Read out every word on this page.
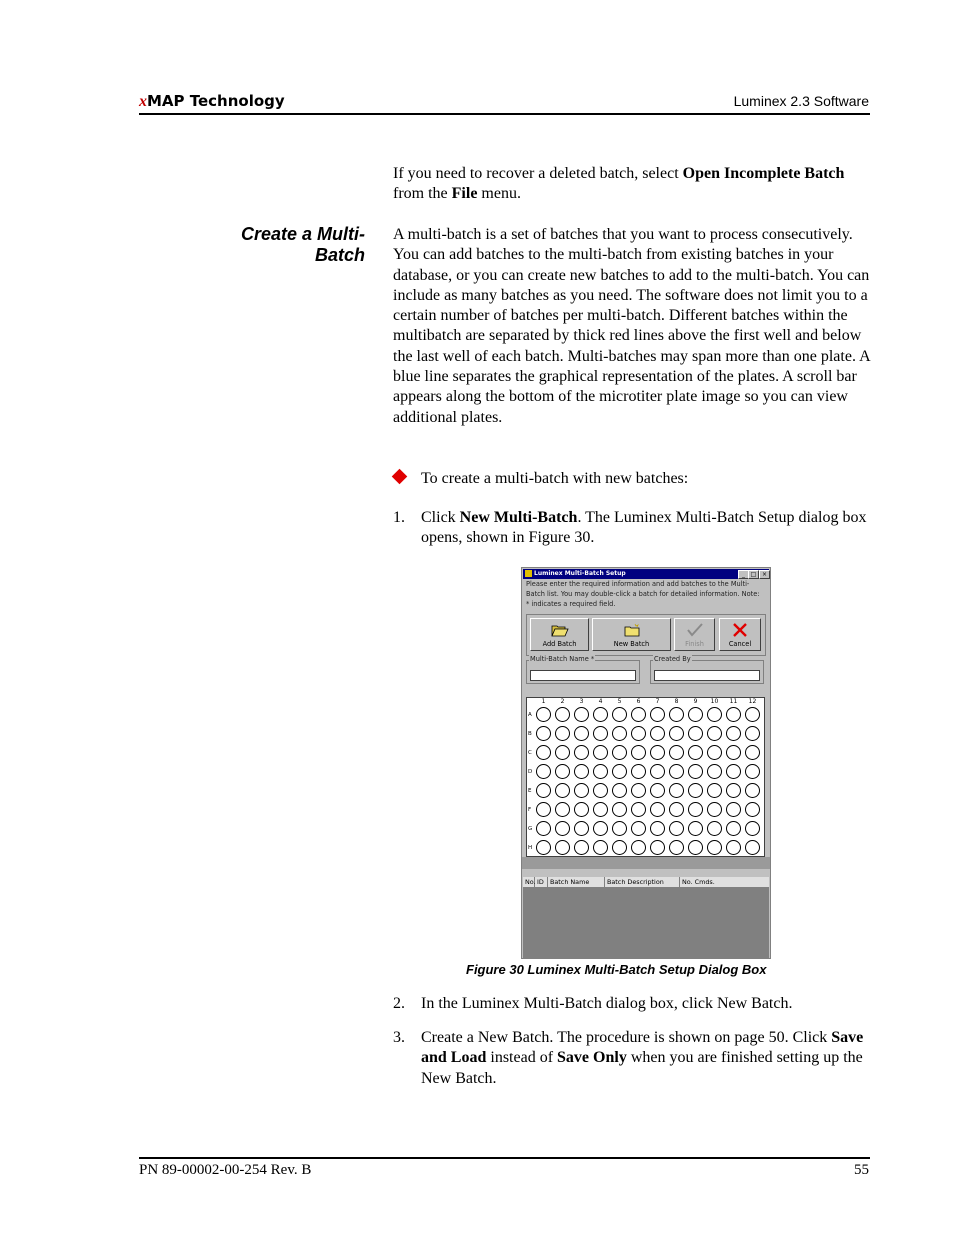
xMAP Technology	Luminex 2.3 Software
If you need to recover a deleted batch, select Open Incomplete Batch from the File menu.
Create a Multi-
Batch
A multi-batch is a set of batches that you want to process consecutively. You can add batches to the multi-batch from existing batches in your database, or you can create new batches to add to the multi-batch. You can include as many batches as you need. The software does not limit you to a certain number of batches per multi-batch. Different batches within the multibatch are separated by thick red lines above the first well and below the last well of each batch. Multi-batches may span more than one plate. A blue line separates the graphical representation of the plates. A scroll bar appears along the bottom of the microtiter plate image so you can view additional plates.
To create a multi-batch with new batches:
1. Click New Multi-Batch. The Luminex Multi-Batch Setup dialog box opens, shown in Figure 30.
Luminex Multi-Batch Setup	_ □ ×
Please enter the required information and add batches to the Multi-Batch list. You may double-click a batch for detailed information. Note: * indicates a required field.
Add Batch	New Batch	Finish	Cancel
Multi-Batch Name *	Created By
1	2	3	4	5	6	7	8	9	10	11	12
A
B
C
D
E
F
G
H
No. ID Batch Name	Batch Description	No. Cmds.
Figure 30 Luminex Multi-Batch Setup Dialog Box
2. In the Luminex Multi-Batch dialog box, click New Batch.
3. Create a New Batch. The procedure is shown on page 50. Click Save and Load instead of Save Only when you are finished setting up the New Batch.
PN 89-00002-00-254 Rev. B	55
